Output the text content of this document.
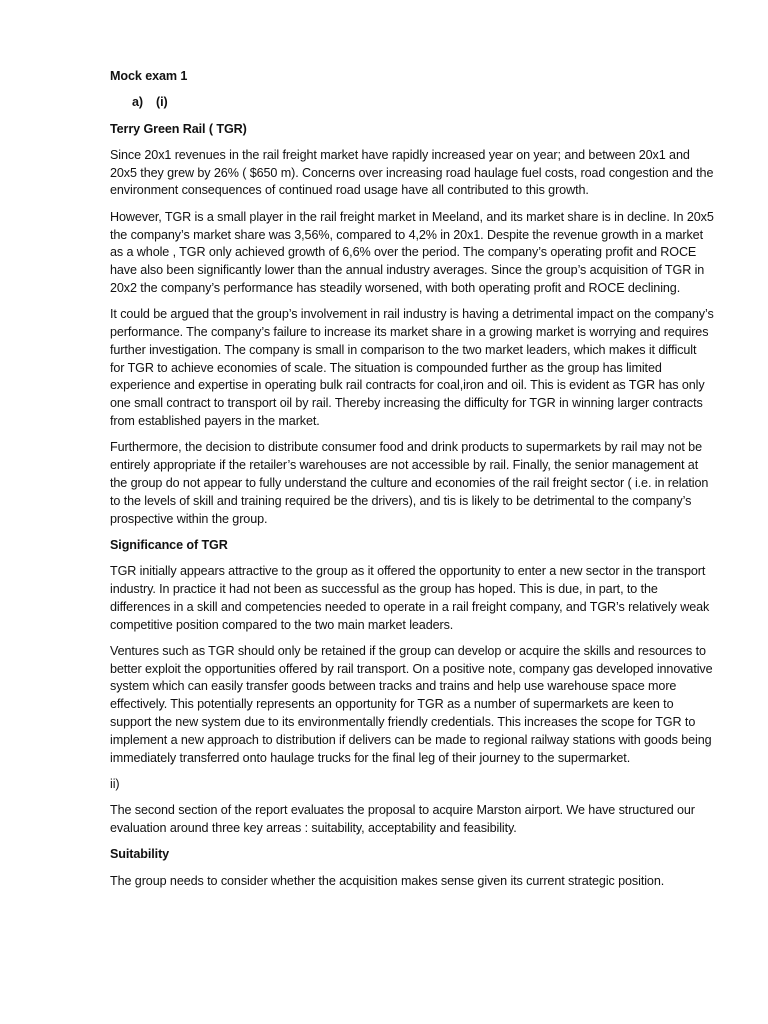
Mock exam 1

a) (i)

Terry Green Rail ( TGR)

Since 20x1 revenues in the rail freight market have rapidly increased year on year; and between 20x1 and 20x5 they grew by 26% ( $650 m). Concerns over increasing road haulage fuel costs, road congestion and the environment consequences of continued road usage have all contributed to this growth.

However, TGR is a small player in the rail freight market in Meeland, and its market share is in decline. In 20x5 the company’s market share was 3,56%, compared to 4,2% in 20x1. Despite the revenue growth in a market as a whole , TGR only achieved growth of 6,6% over the period. The company’s operating profit and ROCE have also been significantly lower than the annual industry averages. Since the group’s acquisition of TGR in 20x2 the company’s performance has steadily worsened, with both operating profit and ROCE declining.

It could be argued that the group’s involvement in rail industry is having a detrimental impact on the company’s performance. The company’s failure to increase its market share in a growing market is worrying and requires further investigation. The company is small in comparison to the two market leaders, which makes it difficult for TGR to achieve economies of scale. The situation is compounded further as the group has limited experience and expertise in operating bulk rail contracts for coal,iron and oil. This is evident as TGR has only one small contract to transport oil by rail. Thereby increasing the difficulty for TGR in winning larger contracts from established payers in the market.

Furthermore, the decision to distribute consumer food and drink products to supermarkets by rail may not be entirely appropriate if the retailer’s warehouses are not accessible by rail. Finally, the senior management at the group do not appear to fully understand the culture and economies of the rail freight sector ( i.e. in relation to the levels of skill and training required be the drivers), and tis is likely to be detrimental to the company’s prospective within the group.

Significance of TGR

TGR initially appears attractive to the group as it offered the opportunity to enter a new sector in the transport industry. In practice it had not been as successful as the group has hoped. This is due, in part, to the differences in a skill and competencies needed to operate in a rail freight company, and TGR’s relatively weak competitive position compared to the two main market leaders.

Ventures such as TGR should only be retained if the group can develop or acquire the skills and resources to better exploit the opportunities offered by rail transport. On a positive note, company gas developed innovative system which can easily transfer goods between tracks and trains and help use warehouse space more effectively. This potentially represents an opportunity for TGR as a number of supermarkets are keen to support the new system due to its environmentally friendly credentials. This increases the scope for TGR to implement a new approach to distribution if delivers can be made to regional railway stations with goods being immediately transferred onto haulage trucks for the final leg of their journey to the supermarket.

ii)

The second section of the report evaluates the proposal to acquire Marston airport. We have structured our evaluation around three key arreas : suitability, acceptability and feasibility.

Suitability

The group needs to consider whether the acquisition makes sense given its current strategic position.
